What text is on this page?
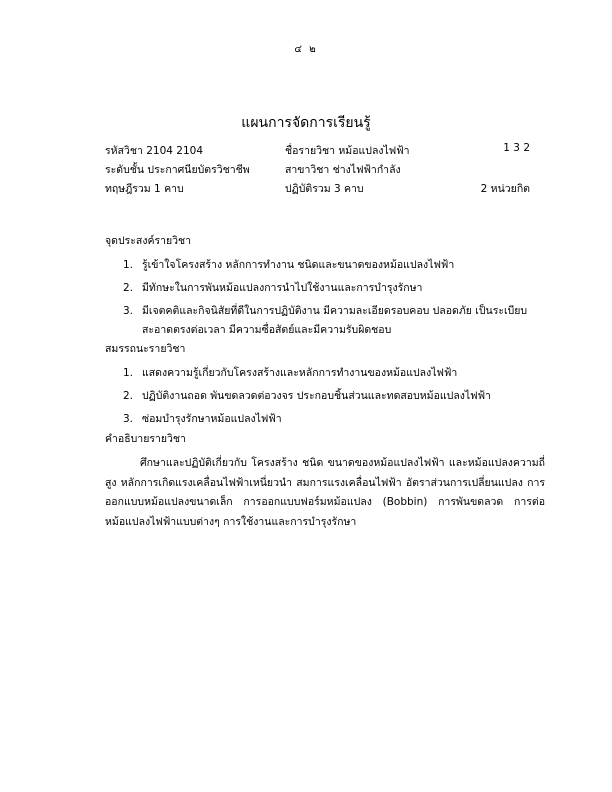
๔ ๒
แผนการจัดการเรียนรู้
รหัสวิชา 2104 2104	ชื่อรายวิชา หม้อแปลงไฟฟ้า	1 3 2
ระดับชั้น ประกาศนียบัตรวิชาชีพ	สาขาวิชา ช่างไฟฟ้ากำลัง
ทฤษฎีรวม 1 คาบ	ปฏิบัติรวม 3 คาบ	2 หน่วยกิต
จุดประสงค์รายวิชา
1. รู้เข้าใจโครงสร้าง หลักการทำงาน ชนิดและขนาดของหม้อแปลงไฟฟ้า
2. มีทักษะในการพันหม้อแปลงการนำไปใช้งานและการบำรุงรักษา
3. มีเจตคติและกิจนิสัยที่ดีในการปฏิบัติงาน มีความละเอียดรอบคอบ ปลอดภัย เป็นระเบียบ สะอาดตรงต่อเวลา มีความซื่อสัตย์และมีความรับผิดชอบ
สมรรถนะรายวิชา
1. แสดงความรู้เกี่ยวกับโครงสร้างและหลักการทำงานของหม้อแปลงไฟฟ้า
2. ปฏิบัติงานถอด พันขดลวดต่อวงจร ประกอบชิ้นส่วนและทดสอบหม้อแปลงไฟฟ้า
3. ซ่อมบำรุงรักษาหม้อแปลงไฟฟ้า
คำอธิบายรายวิชา

ศึกษาและปฏิบัติเกี่ยวกับ โครงสร้าง ชนิด ขนาดของหม้อแปลงไฟฟ้า และหม้อแปลงความถี่สูง หลักการเกิดแรงเคลื่อนไฟฟ้าเหนี่ยวนำ สมการแรงเคลื่อนไฟฟ้า อัตราส่วนการเปลี่ยนแปลง การออกแบบหม้อแปลงขนาดเล็ก การออกแบบฟอร์มหม้อแปลง (Bobbin) การพันขดลวด การต่อหม้อแปลงไฟฟ้าแบบต่างๆ การใช้งานและการบำรุงรักษา
